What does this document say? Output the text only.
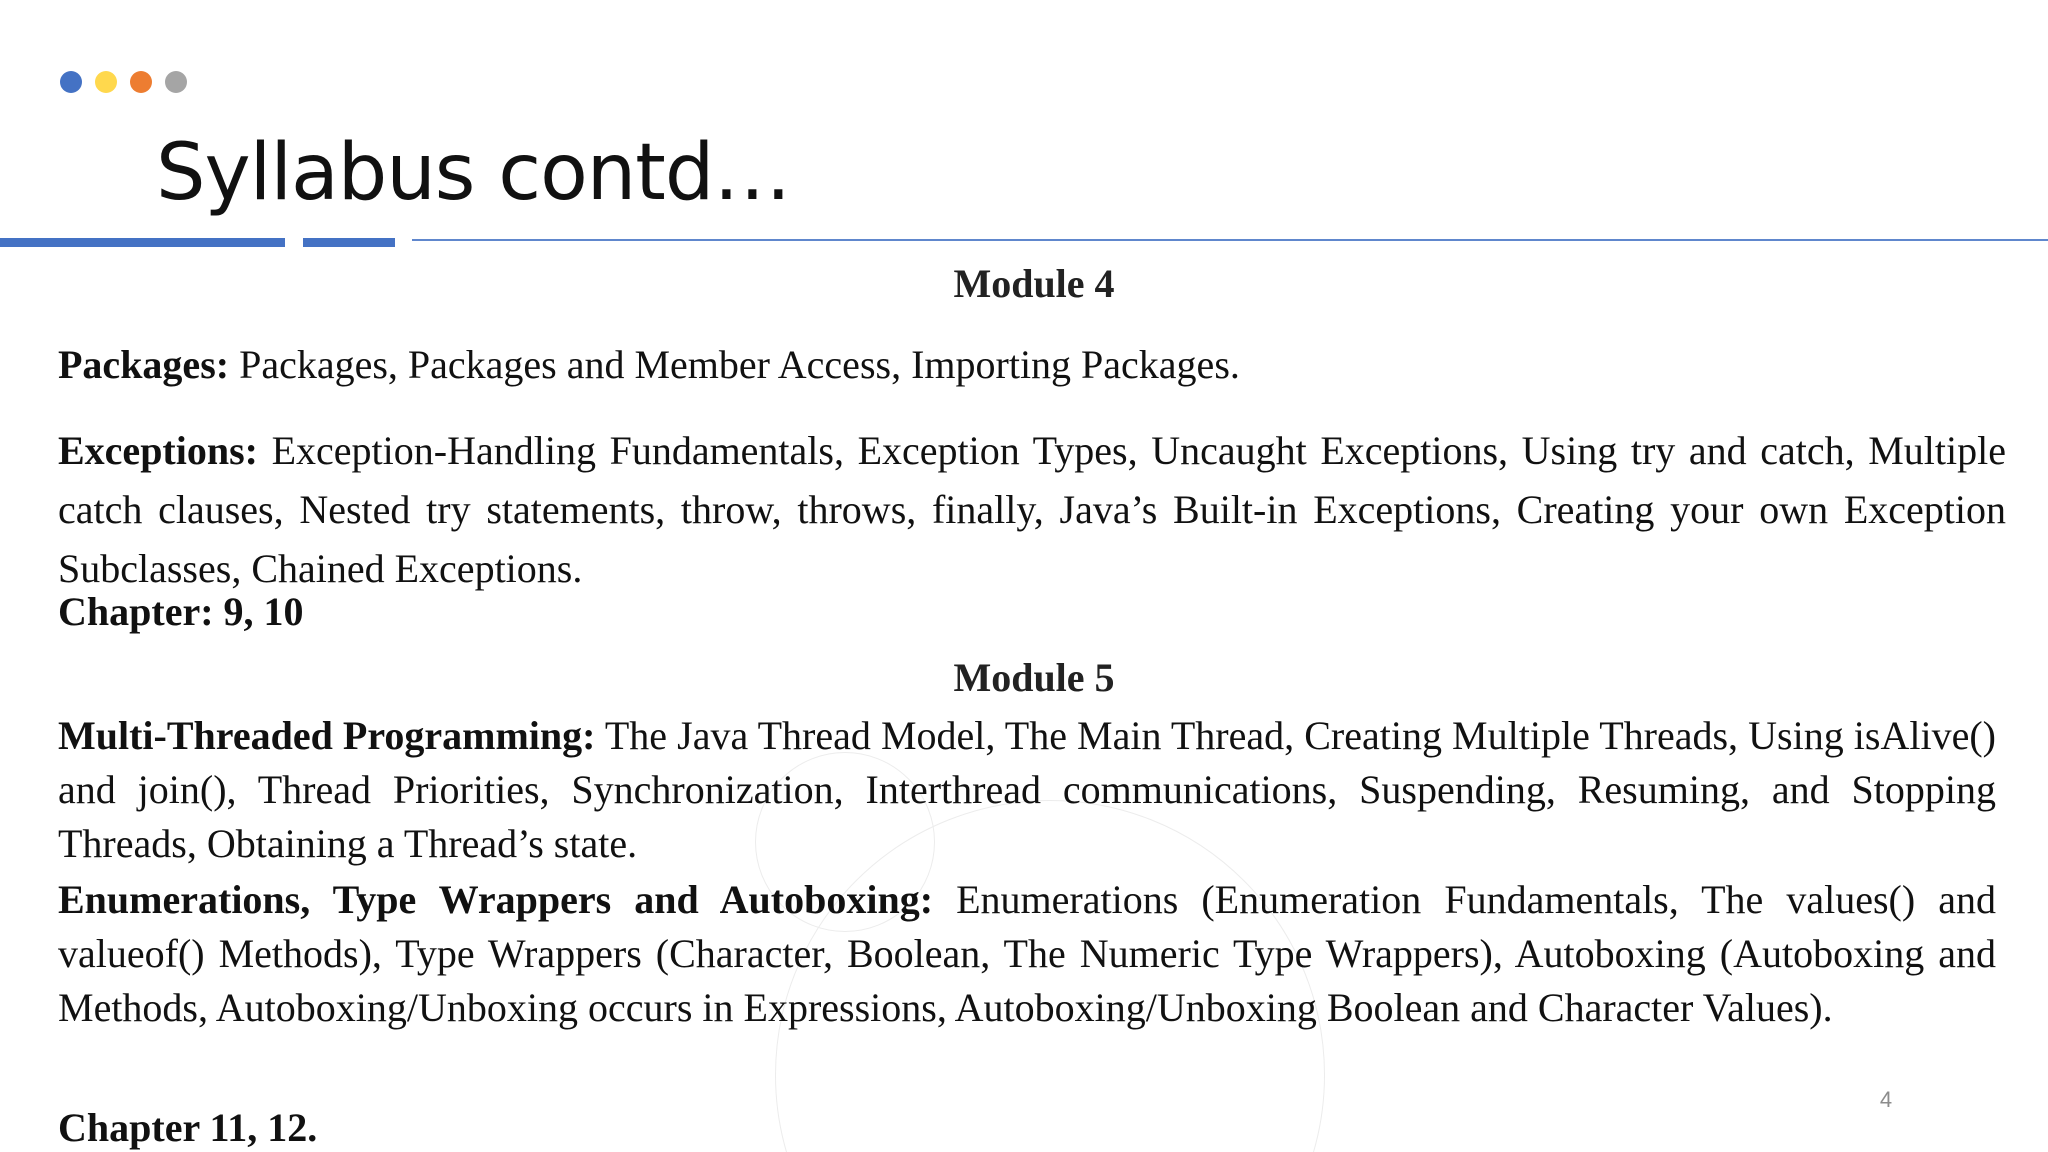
Syllabus contd…
Module 4

Packages: Packages, Packages and Member Access, Importing Packages.

Exceptions: Exception-Handling Fundamentals, Exception Types, Uncaught Exceptions, Using try and catch, Multiple catch clauses, Nested try statements, throw, throws, finally, Java’s Built-in Exceptions, Creating your own Exception Subclasses, Chained Exceptions.

Chapter: 9, 10

Module 5

Multi-Threaded Programming: The Java Thread Model, The Main Thread, Creating Multiple Threads, Using isAlive() and join(), Thread Priorities, Synchronization, Interthread communications, Suspending, Resuming, and Stopping Threads, Obtaining a Thread’s state.

Enumerations, Type Wrappers and Autoboxing: Enumerations (Enumeration Fundamentals, The values() and valueof() Methods), Type Wrappers (Character, Boolean, The Numeric Type Wrappers), Autoboxing (Autoboxing and Methods, Autoboxing/Unboxing occurs in Expressions, Autoboxing/Unboxing Boolean and Character Values).

Chapter 11, 12.

4
